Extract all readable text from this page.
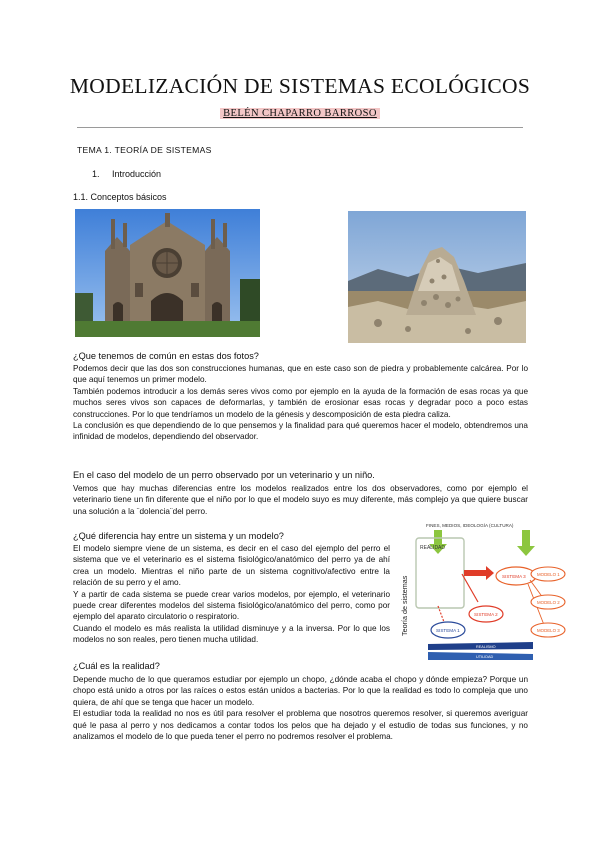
MODELIZACIÓN DE SISTEMAS ECOLÓGICOS
BELÉN CHAPARRO BARROSO
TEMA 1. TEORÍA DE SISTEMAS
1. Introducción
1.1. Conceptos básicos
¿Que tenemos de común en estas dos fotos?

Podemos decir que las dos son construcciones humanas, que en este caso son de piedra y probablemente calcárea. Por lo que aquí tenemos un primer modelo.

También podemos introducir a los demás seres vivos como por ejemplo en la ayuda de la formación de esas rocas ya que muchos seres vivos son capaces de deformarlas, y también de erosionar esas rocas y degradar poco a poco estas construcciones. Por lo que tendríamos un modelo de la génesis y descomposición de esta piedra caliza.

La conclusión es que dependiendo de lo que pensemos y la finalidad para qué queremos hacer el modelo, obtendremos una infinidad de modelos, dependiendo del observador.

En el caso del modelo de un perro observado por un veterinario y un niño.

Vemos que hay muchas diferencias entre los modelos realizados entre los dos observadores, como por ejemplo el veterinario tiene un fin diferente que el niño por lo que el modelo suyo es muy diferente, más complejo ya que quiere buscar una solución a la ¨dolencia¨del perro.

¿Qué diferencia hay entre un sistema y un modelo?

El modelo siempre viene de un sistema, es decir en el caso del ejemplo del perro el sistema que ve el veterinario es el sistema fisiológico/anatómico del perro ya de ahí crea un modelo. Mientras el niño parte de un sistema cognitivo/afectivo entre la relación de su perro y el amo.

Y a partir de cada sistema se puede crear varios modelos, por ejemplo, el veterinario puede crear diferentes modelos del sistema fisiológico/anatómico del perro, como por ejemplo del aparato circulatorio o respiratorio.

Cuando el modelo es más realista la utilidad disminuye y a la inversa. Por lo que los modelos no son reales, pero tienen mucha utilidad.

FINES, MEDIOS, IDEOLOGÍA (CULTURA)
Teoría de sistemas
REALIDAD
SISTEMA 3
SISTEMA 2
SISTEMA 1
MODELO 1
MODELO 2
MODELO 3
REALISMO
UTILIDAD
¿Cuál es la realidad?

Depende mucho de lo que queramos estudiar por ejemplo un chopo, ¿dónde acaba el chopo y dónde empieza? Porque un chopo está unido a otros por las raíces o estos están unidos a bacterias. Por lo que la realidad es todo lo compleja que uno quiera, de ahí que se tenga que hacer un modelo.

El estudiar toda la realidad no nos es útil para resolver el problema que nosotros queremos resolver, si queremos averiguar qué le pasa al perro y nos dedicamos a contar todos los pelos que ha dejado y el estudio de todas sus funciones, y no analizamos el modelo de lo que pueda tener el perro no podremos resolver el problema.
